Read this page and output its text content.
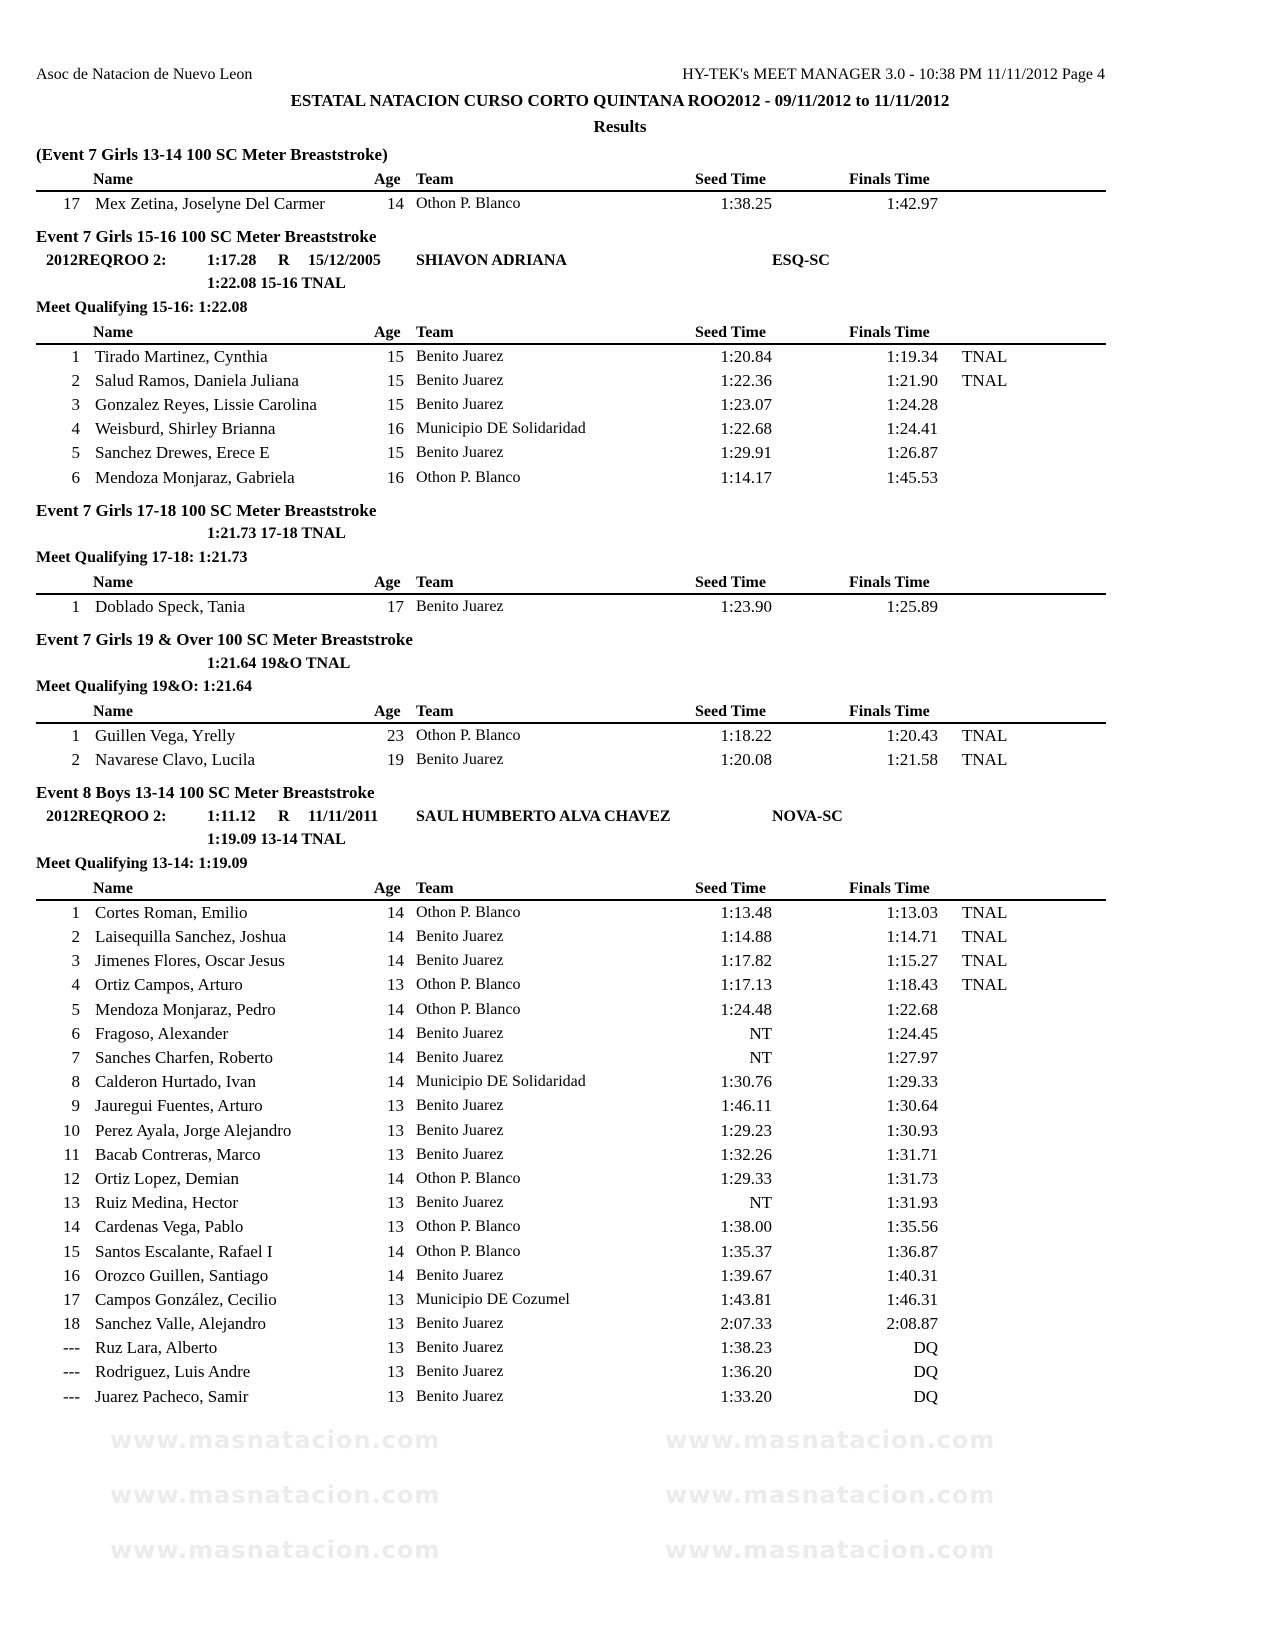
www.masnatacion.com	www.masnatacion.com
www.masnatacion.com	www.masnatacion.com
www.masnatacion.com	www.masnatacion.com
Asoc de Natacion de Nuevo Leon	HY-TEK's MEET MANAGER 3.0 - 10:38 PM 11/11/2012 Page 4
ESTATAL NATACION CURSO CORTO QUINTANA ROO2012 - 09/11/2012 to 11/11/2012
Results
(Event 7 Girls 13-14 100 SC Meter Breaststroke)
Name	Age Team	Seed Time	Finals Time
17 Mex Zetina, Joselyne Del Carmer	14 Othon P. Blanco	1:38.25	1:42.97
Event 7 Girls 15-16 100 SC Meter Breaststroke
2012REQROO 2:	1:17.28 R 15/12/2005 SHIAVON ADRIANA	ESQ-SC
1:22.08 15-16 TNAL
Meet Qualifying 15-16: 1:22.08
Name	Age Team	Seed Time	Finals Time
1 Tirado Martinez, Cynthia	15 Benito Juarez	1:20.84	1:19.34 TNAL
2 Salud Ramos, Daniela Juliana	15 Benito Juarez	1:22.36	1:21.90 TNAL
3 Gonzalez Reyes, Lissie Carolina	15 Benito Juarez	1:23.07	1:24.28
4 Weisburd, Shirley Brianna	16 Municipio DE Solidaridad	1:22.68	1:24.41
5 Sanchez Drewes, Erece E	15 Benito Juarez	1:29.91	1:26.87
6 Mendoza Monjaraz, Gabriela	16 Othon P. Blanco	1:14.17	1:45.53
Event 7 Girls 17-18 100 SC Meter Breaststroke
1:21.73 17-18 TNAL
Meet Qualifying 17-18: 1:21.73
Name	Age Team	Seed Time	Finals Time
1 Doblado Speck, Tania	17 Benito Juarez	1:23.90	1:25.89
Event 7 Girls 19 & Over 100 SC Meter Breaststroke
1:21.64 19&O TNAL
Meet Qualifying 19&O: 1:21.64
Name	Age Team	Seed Time	Finals Time
1 Guillen Vega, Yrelly	23 Othon P. Blanco	1:18.22	1:20.43 TNAL
2 Navarese Clavo, Lucila	19 Benito Juarez	1:20.08	1:21.58 TNAL
Event 8 Boys 13-14 100 SC Meter Breaststroke
2012REQROO 2:	1:11.12 R 11/11/2011 SAUL HUMBERTO ALVA CHAVEZ	NOVA-SC
1:19.09 13-14 TNAL
Meet Qualifying 13-14: 1:19.09
Name	Age Team	Seed Time	Finals Time
1 Cortes Roman, Emilio	14 Othon P. Blanco	1:13.48	1:13.03 TNAL
2 Laisequilla Sanchez, Joshua	14 Benito Juarez	1:14.88	1:14.71 TNAL
3 Jimenes Flores, Oscar Jesus	14 Benito Juarez	1:17.82	1:15.27 TNAL
4 Ortiz Campos, Arturo	13 Othon P. Blanco	1:17.13	1:18.43 TNAL
5 Mendoza Monjaraz, Pedro	14 Othon P. Blanco	1:24.48	1:22.68
6 Fragoso, Alexander	14 Benito Juarez	NT	1:24.45
7 Sanches Charfen, Roberto	14 Benito Juarez	NT	1:27.97
8 Calderon Hurtado, Ivan	14 Municipio DE Solidaridad	1:30.76	1:29.33
9 Jauregui Fuentes, Arturo	13 Benito Juarez	1:46.11	1:30.64
10 Perez Ayala, Jorge Alejandro	13 Benito Juarez	1:29.23	1:30.93
11 Bacab Contreras, Marco	13 Benito Juarez	1:32.26	1:31.71
12 Ortiz Lopez, Demian	14 Othon P. Blanco	1:29.33	1:31.73
13 Ruiz Medina, Hector	13 Benito Juarez	NT	1:31.93
14 Cardenas Vega, Pablo	13 Othon P. Blanco	1:38.00	1:35.56
15 Santos Escalante, Rafael I	14 Othon P. Blanco	1:35.37	1:36.87
16 Orozco Guillen, Santiago	14 Benito Juarez	1:39.67	1:40.31
17 Campos González, Cecilio	13 Municipio DE Cozumel	1:43.81	1:46.31
18 Sanchez Valle, Alejandro	13 Benito Juarez	2:07.33	2:08.87
--- Ruz Lara, Alberto	13 Benito Juarez	1:38.23	DQ
--- Rodriguez, Luis Andre	13 Benito Juarez	1:36.20	DQ
--- Juarez Pacheco, Samir	13 Benito Juarez	1:33.20	DQ
